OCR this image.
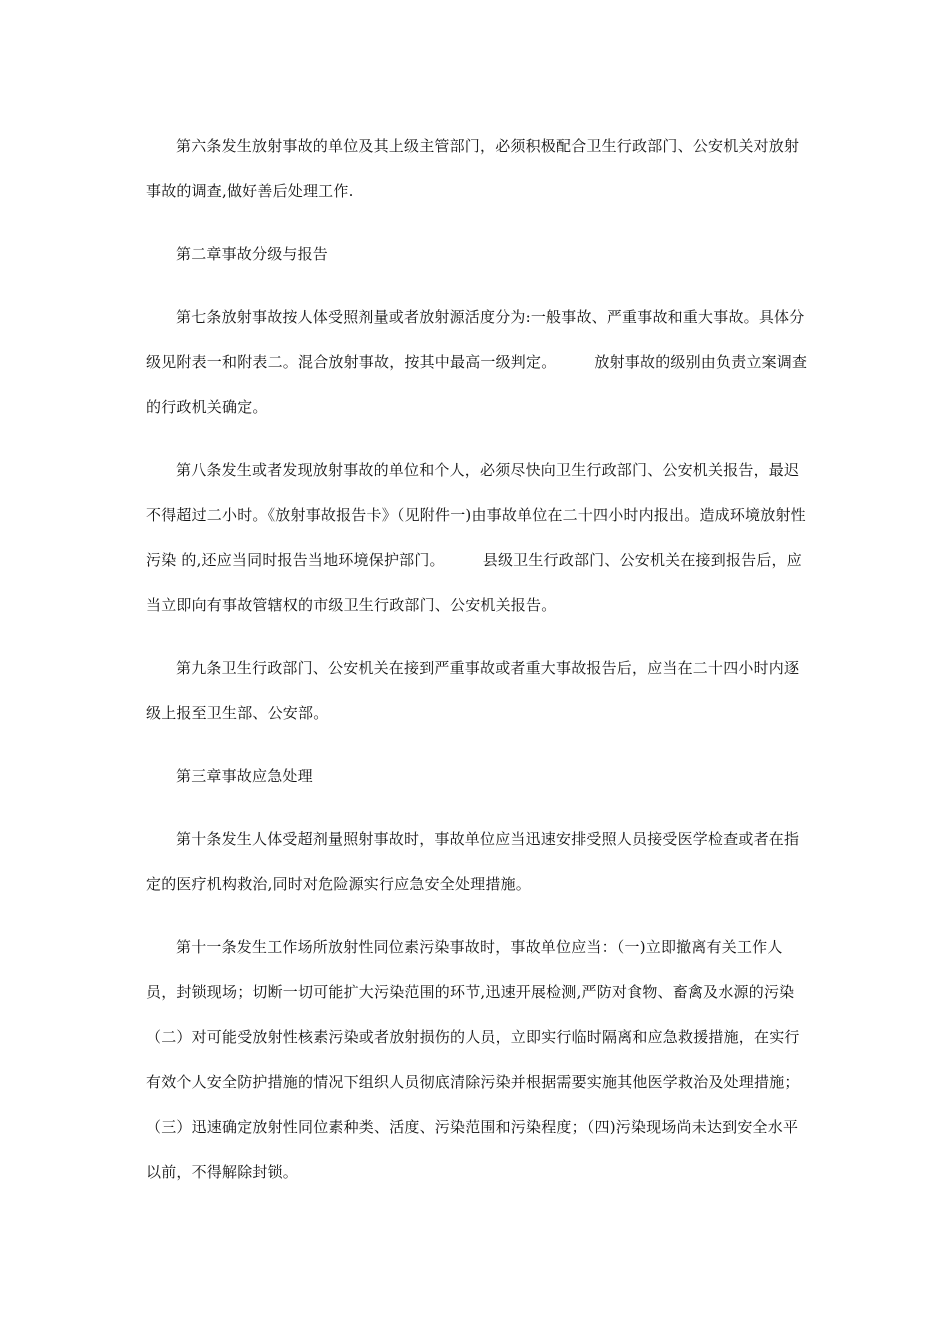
第六条发生放射事故的单位及其上级主管部门，必须积极配合卫生行政部门、公安机关对放射事故的调查,做好善后处理工作.

第二章事故分级与报告

第七条放射事故按人体受照剂量或者放射源活度分为:一般事故、严重事故和重大事故。具体分级见附表一和附表二。混合放射事故，按其中最高一级判定。	放射事故的级别由负责立案调查的行政机关确定。

第八条发生或者发现放射事故的单位和个人，必须尽快向卫生行政部门、公安机关报告，最迟不得超过二小时。《放射事故报告卡》（见附件一)由事故单位在二十四小时内报出。造成环境放射性污染 的,还应当同时报告当地环境保护部门。	县级卫生行政部门、公安机关在接到报告后，应当立即向有事故管辖权的市级卫生行政部门、公安机关报告。

第九条卫生行政部门、公安机关在接到严重事故或者重大事故报告后，应当在二十四小时内逐级上报至卫生部、公安部。

第三章事故应急处理

第十条发生人体受超剂量照射事故时，事故单位应当迅速安排受照人员接受医学检查或者在指定的医疗机构救治,同时对危险源实行应急安全处理措施。

第十一条发生工作场所放射性同位素污染事故时，事故单位应当：（一)立即撤离有关工作人员，封锁现场；切断一切可能扩大污染范围的环节,迅速开展检测,严防对食物、畜禽及水源的污染（二）对可能受放射性核素污染或者放射损伤的人员，立即实行临时隔离和应急救援措施，在实行有效个人安全防护措施的情况下组织人员彻底清除污染并根据需要实施其他医学救治及处理措施；（三）迅速确定放射性同位素种类、活度、污染范围和污染程度；（四)污染现场尚未达到安全水平以前，不得解除封锁。
